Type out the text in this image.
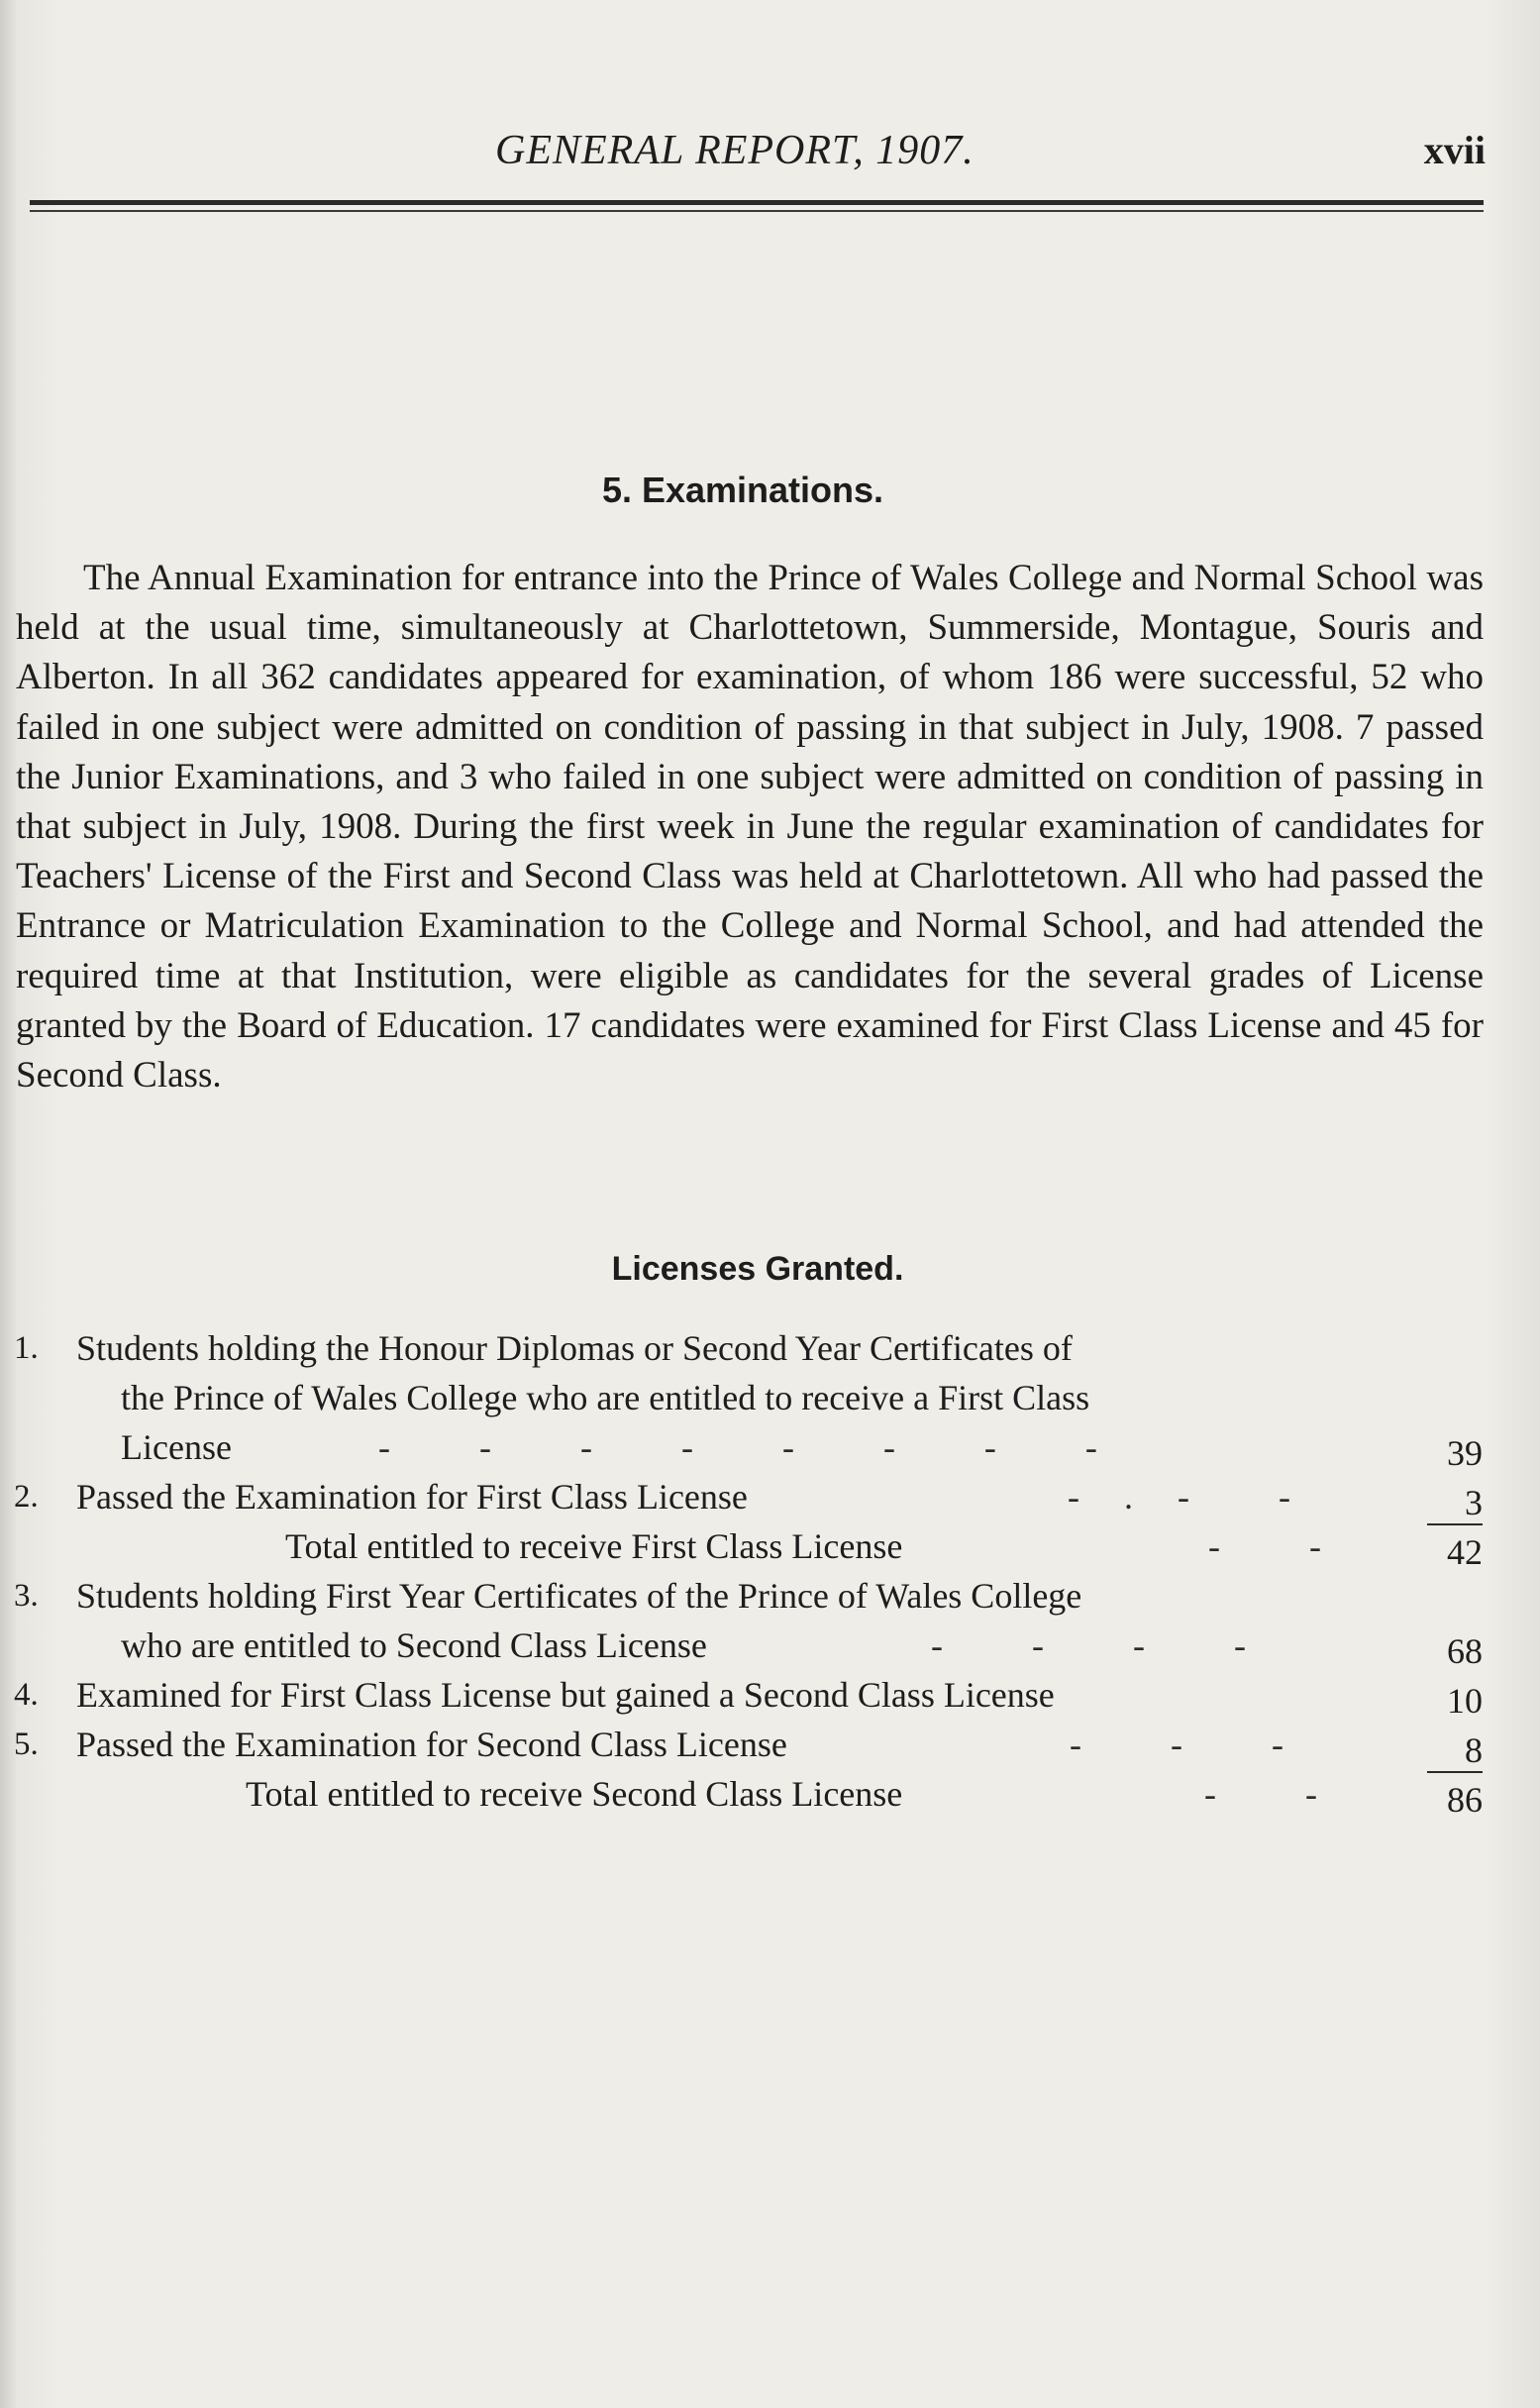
GENERAL REPORT, 1907.	xvii
5. Examinations.

The Annual Examination for entrance into the Prince of Wales College and Normal School was held at the usual time, simultaneously at Charlottetown, Summerside, Montague, Souris and Alberton. In all 362 candidates appeared for examination, of whom 186 were successful, 52 who failed in one subject were admitted on condition of passing in that subject in July, 1908. 7 passed the Junior Examinations, and 3 who failed in one subject were admitted on condition of passing in that subject in July, 1908. During the first week in June the regular examination of candidates for Teachers' License of the First and Second Class was held at Charlottetown. All who had passed the Entrance or Matriculation Examination to the College and Normal School, and had attended the required time at that Institution, were eligible as candidates for the several grades of License granted by the Board of Education. 17 candidates were examined for First Class License and 45 for Second Class.

Licenses Granted.
1. Students holding the Honour Diplomas or Second Year Certificates of
the Prince of Wales College who are entitled to receive a First Class
License	-          -          -          -          -          -          -          -	39
2. Passed the Examination for First Class License	-     .     -          -	3
Total entitled to receive First Class License	-          -	42
3. Students holding First Year Certificates of the Prince of Wales College
who are entitled to Second Class License	-          -          -          -	68
4. Examined for First Class License but gained a Second Class License	10
5. Passed the Examination for Second Class License	-          -          -	8
Total entitled to receive Second Class License	-          -	86
